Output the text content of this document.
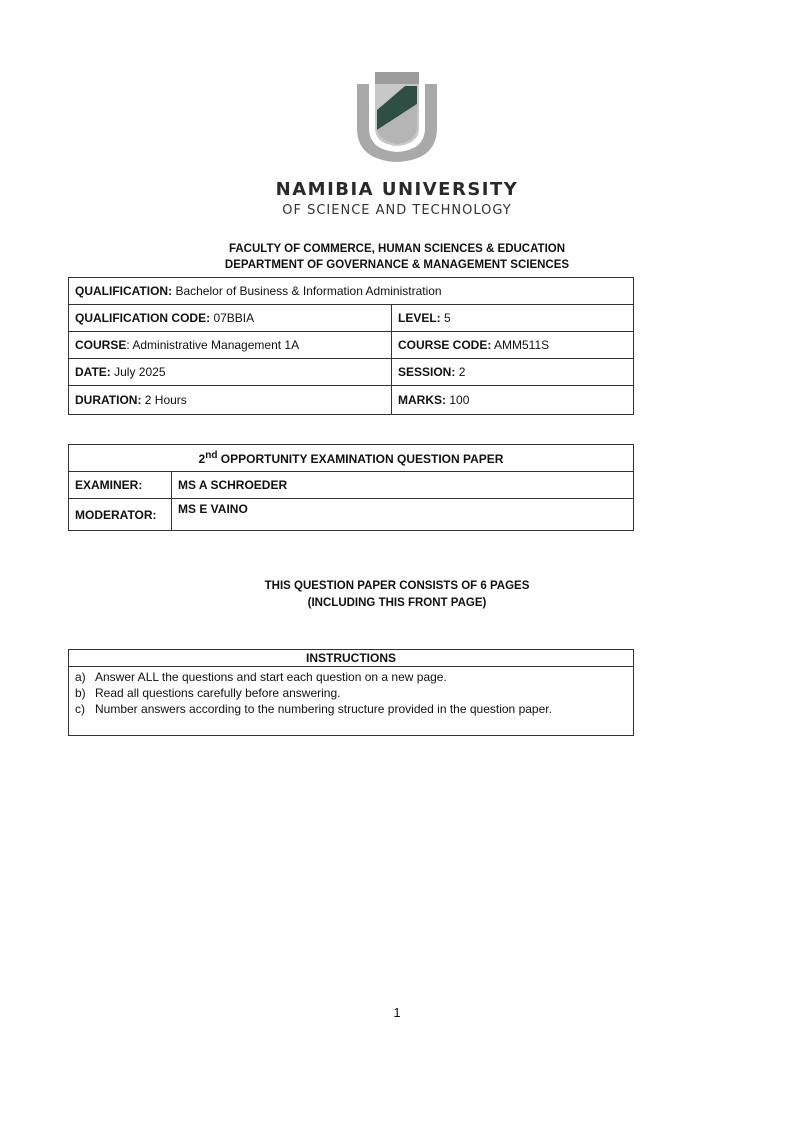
NAMIBIA UNIVERSITY
OF SCIENCE AND TECHNOLOGY
FACULTY OF COMMERCE, HUMAN SCIENCES & EDUCATION
DEPARTMENT OF GOVERNANCE & MANAGEMENT SCIENCES
QUALIFICATION: Bachelor of Business & Information Administration	
QUALIFICATION CODE: 07BBIA	LEVEL: 5
COURSE: Administrative Management 1A	COURSE CODE: AMM511S
DATE: July 2025	SESSION: 2
DURATION: 2 Hours	MARKS: 100
2nd OPPORTUNITY EXAMINATION QUESTION PAPER	
EXAMINER:	MS A SCHROEDER
MODERATOR:	MS E VAINO
THIS QUESTION PAPER CONSISTS OF 6 PAGES
(INCLUDING THIS FRONT PAGE)
INSTRUCTIONS

a) Answer ALL the questions and start each question on a new page.
b) Read all questions carefully before answering.
c) Number answers according to the numbering structure provided in the question paper.
1
